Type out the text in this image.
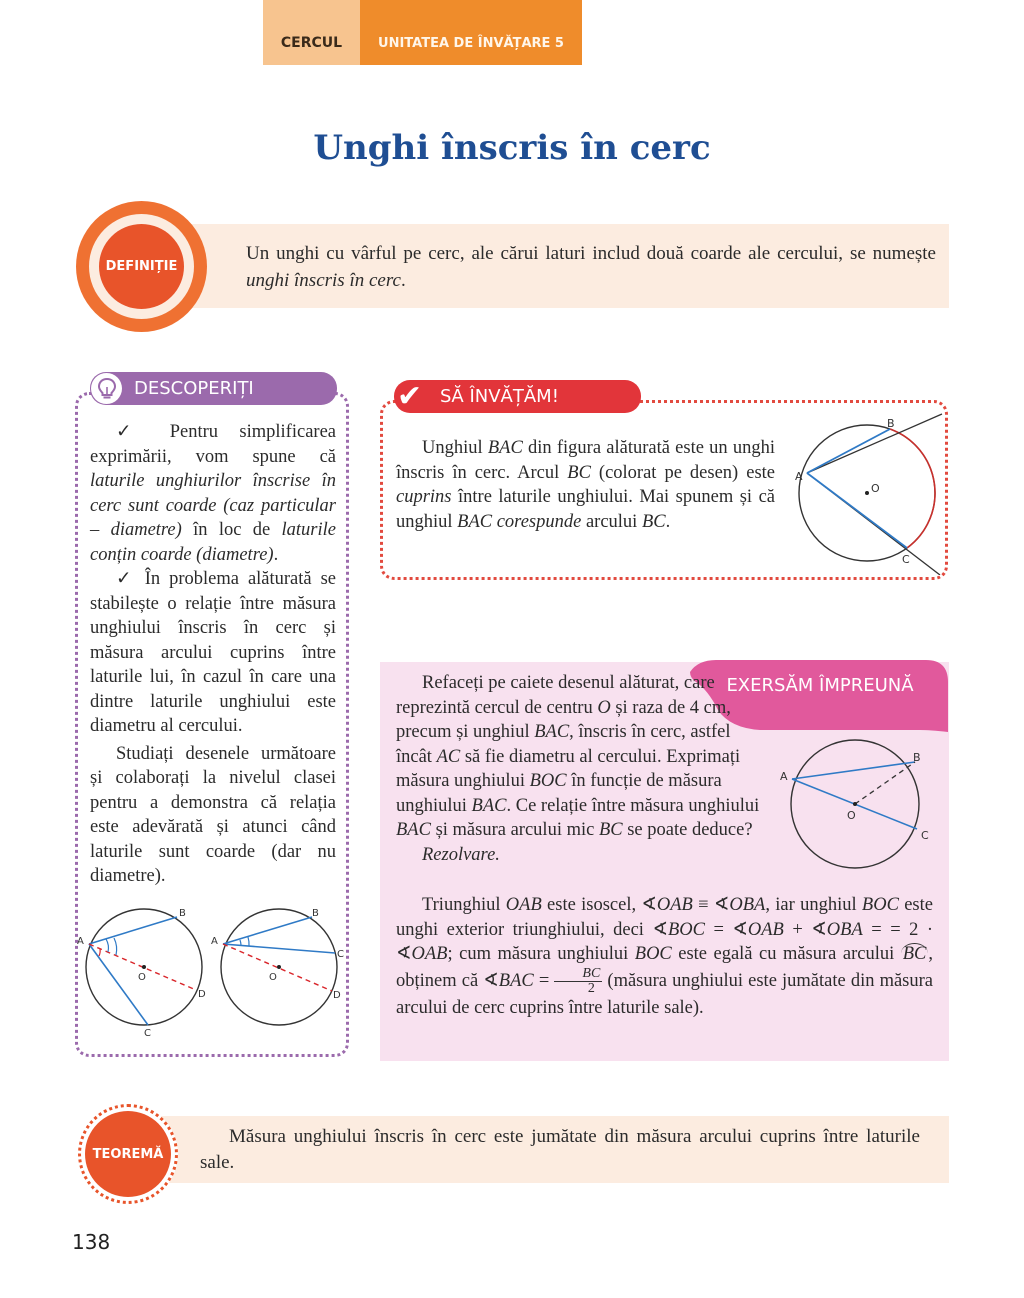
CERCUL	UNITATEA DE ÎNVĂȚARE 5
Unghi înscris în cerc
DEFINIȚIE
Un unghi cu vârful pe cerc, ale cărui laturi includ două coarde ale cercului, se numește unghi înscris în cerc.
DESCOPERIȚI

✓ Pentru simplificarea exprimării, vom spune că laturile unghiurilor înscrise în cerc sunt coarde (caz particular – diametre) în loc de laturile conțin coarde (diametre).

✓ În problema alăturată se stabilește o relație între măsura unghiului înscris în cerc și măsura arcului cuprins între laturile lui, în cazul în care una dintre laturile unghiului este diametru al cercului.

Studiați desenele următoare și colaborați la nivelul clasei pentru a demonstra că relația este adevărată și atunci când laturile sunt coarde (dar nu diametre).

A
B
C
D
O
A
B
C
D
O
SĂ ÎNVĂȚĂM!
✔

Unghiul BAC din figura alăturată este un unghi înscris în cerc. Arcul BC (colorat pe desen) este cuprins între laturile unghiului. Mai spunem și că unghiul BAC corespunde arcului BC.

A
B
C
O
EXERSĂM ÎMPREUNĂ

Refaceți pe caiete desenul alăturat, care reprezintă cercul de centru O și raza de 4 cm, precum și unghiul BAC, înscris în cerc, astfel încât AC să fie diametru al cercului. Exprimați măsura unghiului BOC în funcție de măsura unghiului BAC. Ce relație între măsura unghiului BAC și măsura arcului mic BC se poate deduce?

Rezolvare.

Triunghiul OAB este isoscel, ∢OAB ≡ ∢OBA, iar unghiul BOC este unghi exterior triunghiului, deci ∢BOC = ∢OAB + ∢OBA = = 2 · ∢OAB; cum măsura unghiului BOC este egală cu măsura arcului BC , obținem că ∢BAC = $\frac{BC}{2}$ (măsura unghiului este jumătate din măsura arcului de cerc cuprins între laturile sale).

A
B
C
O
TEOREMĂ
Măsura unghiului înscris în cerc este jumătate din măsura arcului cuprins între laturile sale.
138
